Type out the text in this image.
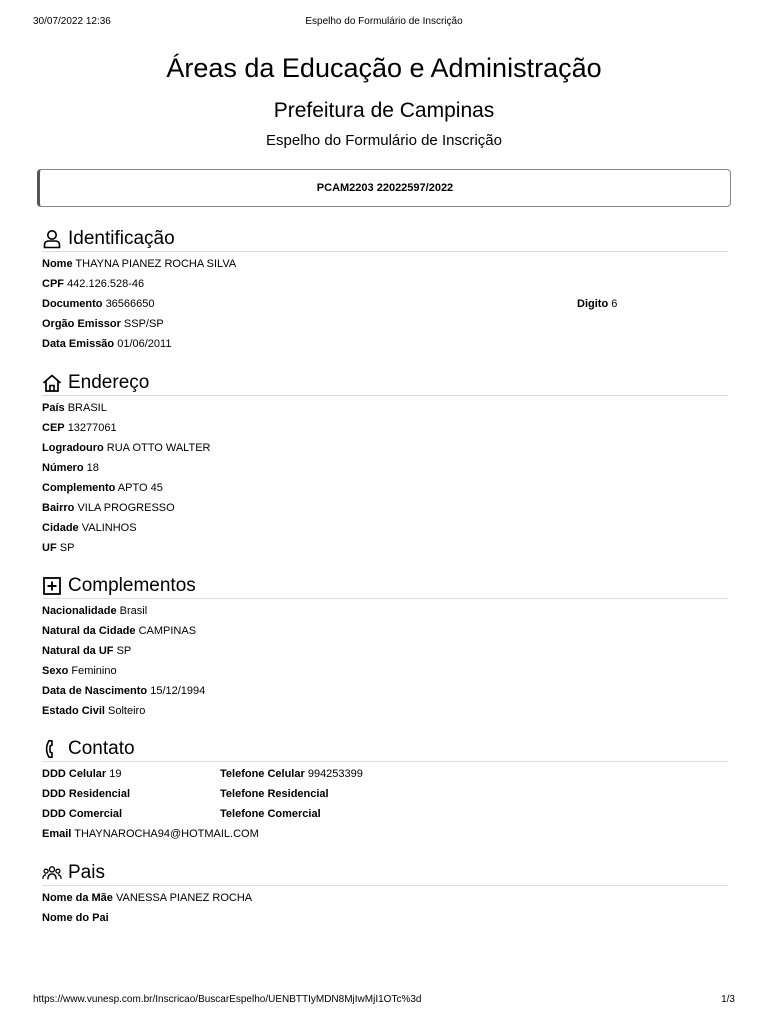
30/07/2022 12:36	Espelho do Formulário de Inscrição
Áreas da Educação e Administração
Prefeitura de Campinas
Espelho do Formulário de Inscrição
PCAM2203 22022597/2022
Identificação
Nome THAYNA PIANEZ ROCHA SILVA
CPF 442.126.528-46
Documento 36566650	Digito 6
Orgão Emissor SSP/SP
Data Emissão 01/06/2011
Endereço
País BRASIL
CEP 13277061
Logradouro RUA OTTO WALTER
Número 18
Complemento APTO 45
Bairro VILA PROGRESSO
Cidade VALINHOS
UF SP
Complementos
Nacionalidade Brasil
Natural da Cidade CAMPINAS
Natural da UF SP
Sexo Feminino
Data de Nascimento 15/12/1994
Estado Civil Solteiro
Contato
DDD Celular 19	Telefone Celular 994253399
DDD Residencial	Telefone Residencial
DDD Comercial	Telefone Comercial
Email THAYNAROCHA94@HOTMAIL.COM
Pais
Nome da Mãe VANESSA PIANEZ ROCHA
Nome do Pai
https://www.vunesp.com.br/Inscricao/BuscarEspelho/UENBTTIyMDN8MjIwMjI1OTc%3d	1/3
